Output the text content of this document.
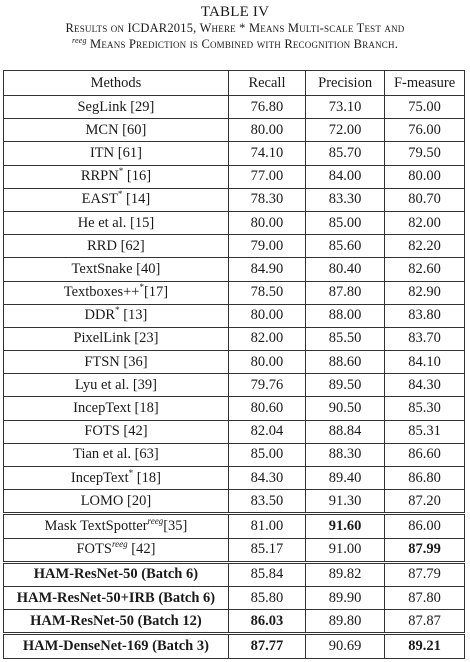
TABLE IV
Results on ICDAR2015, Where * Means Multi-scale Test and
$^{reeg}$ Means Prediction is Combined with Recognition Branch.
Methods	Recall	Precision	F-measure
SegLink [29]	76.80	73.10	75.00
MCN [60]	80.00	72.00	76.00
ITN [61]	74.10	85.70	79.50
RRPN* [16]	77.00	84.00	80.00
EAST* [14]	78.30	83.30	80.70
He et al. [15]	80.00	85.00	82.00
RRD [62]	79.00	85.60	82.20
TextSnake [40]	84.90	80.40	82.60
Textboxes++*[17]	78.50	87.80	82.90
DDR* [13]	80.00	88.00	83.80
PixelLink [23]	82.00	85.50	83.70
FTSN [36]	80.00	88.60	84.10
Lyu et al. [39]	79.76	89.50	84.30
IncepText [18]	80.60	90.50	85.30
FOTS [42]	82.04	88.84	85.31
Tian et al. [63]	85.00	88.30	86.60
IncepText* [18]	84.30	89.40	86.80
LOMO [20]	83.50	91.30	87.20
Mask TextSpotter$^{reeg}$[35]	81.00	91.60	86.00
$FOTS^{reeg}$ [42]	85.17	91.00	87.99
HAM-ResNet-50 (Batch 6)	85.84	89.82	87.79
HAM-ResNet-50+IRB (Batch 6)	85.80	89.90	87.80
HAM-ResNet-50 (Batch 12)	86.03	89.80	87.87
HAM-DenseNet-169 (Batch 3)	87.77	90.69	89.21
